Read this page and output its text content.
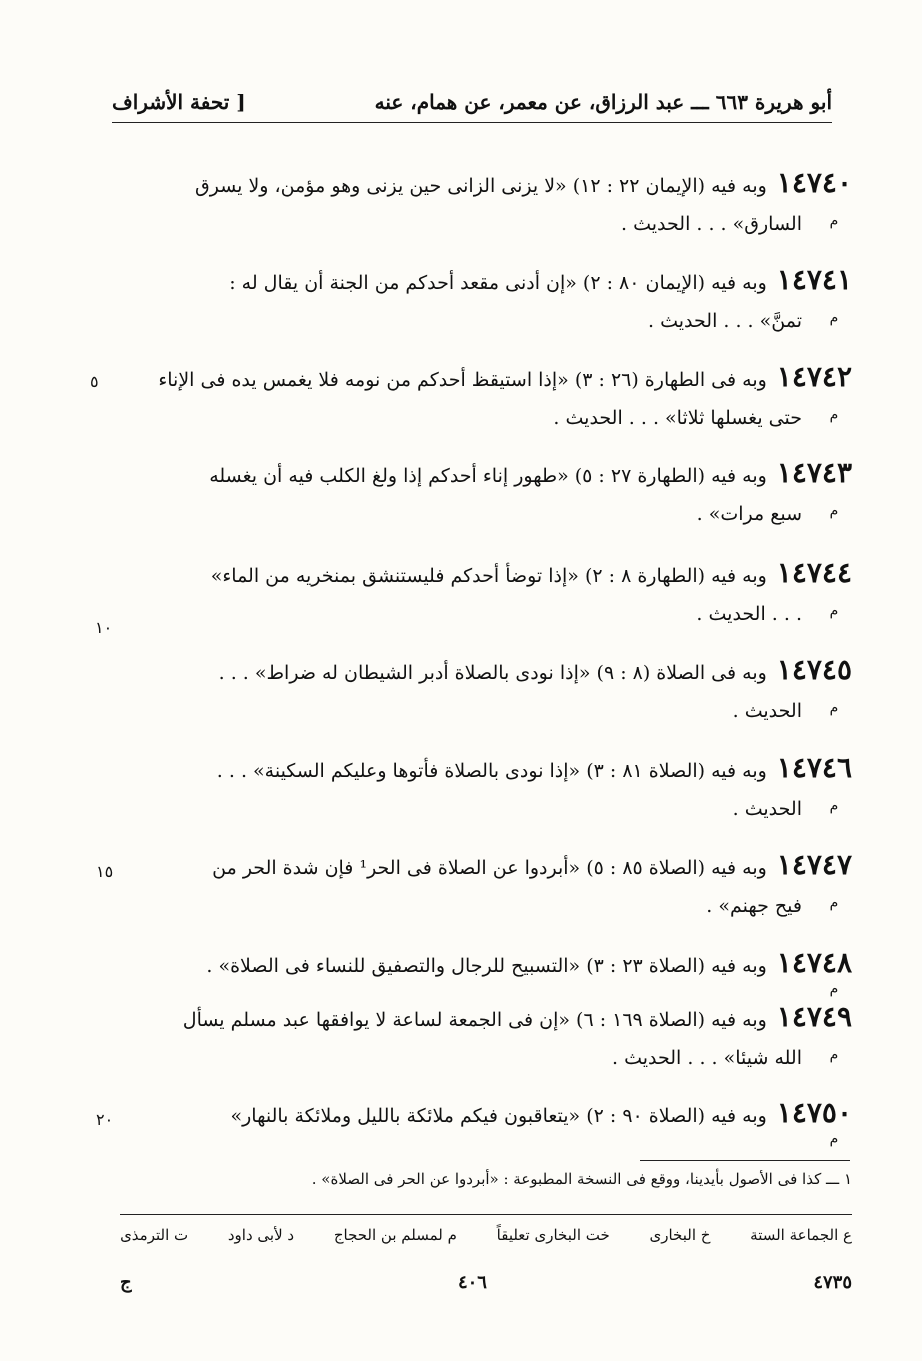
أبو هريرة ٦٦٣ ـــ عبد الرزاق، عن معمر، عن همام، عنه
[ تحفة الأشراف
١٤٧٤٠
وبه فيه (الإيمان ٢٢ : ١٢) «لا يزنى الزانى حين يزنى وهو مؤمن، ولا يسرق
م
السارق» . . . الحديث .
١٤٧٤١
وبه فيه (الإيمان ٨٠ : ٢) «إن أدنى مقعد أحدكم من الجنة أن يقال له :
م
تمنَّ» . . . الحديث .
١٤٧٤٢
وبه فى الطهارة (٢٦ : ٣) «إذا استيقظ أحدكم من نومه فلا يغمس يده فى الإناء
م
حتى يغسلها ثلاثا» . . . الحديث .
١٤٧٤٣
وبه فيه (الطهارة ٢٧ : ٥) «طهور إناء أحدكم إذا ولغ الكلب فيه أن يغسله
م
سبع مرات» .
١٤٧٤٤
وبه فيه (الطهارة ٨ : ٢) «إذا توضأ أحدكم فليستنشق بمنخريه من الماء»
م
. . . الحديث .
١٤٧٤٥
وبه فى الصلاة (٨ : ٩) «إذا نودى بالصلاة أدبر الشيطان له ضراط» . . .
م
الحديث .
١٤٧٤٦
وبه فيه (الصلاة ٨١ : ٣) «إذا نودى بالصلاة فأتوها وعليكم السكينة» . . .
م
الحديث .
١٤٧٤٧
وبه فيه (الصلاة ٨٥ : ٥) «أبردوا عن الصلاة فى الحر¹ فإن شدة الحر من
م
فيح جهنم» .
١٤٧٤٨
وبه فيه (الصلاة ٢٣ : ٣) «التسبيح للرجال والتصفيق للنساء فى الصلاة» .
م
١٤٧٤٩
وبه فيه (الصلاة ١٦٩ : ٦) «إن فى الجمعة لساعة لا يوافقها عبد مسلم يسأل
م
الله شيئا» . . . الحديث .
١٤٧٥٠
وبه فيه (الصلاة ٩٠ : ٢) «يتعاقبون فيكم ملائكة بالليل وملائكة بالنهار»
م
٥
١٠
١٥
٢٠
١ ـــ كذا فى الأصول بأيدينا، ووقع فى النسخة المطبوعة : «أبردوا عن الحر فى الصلاة» .
ع الجماعة الستة
خ البخارى
خت البخارى تعليقاً
م لمسلم بن الحجاج
د لأبى داود
ت الترمذى
٤٧٣٥
٤٠٦
ج
